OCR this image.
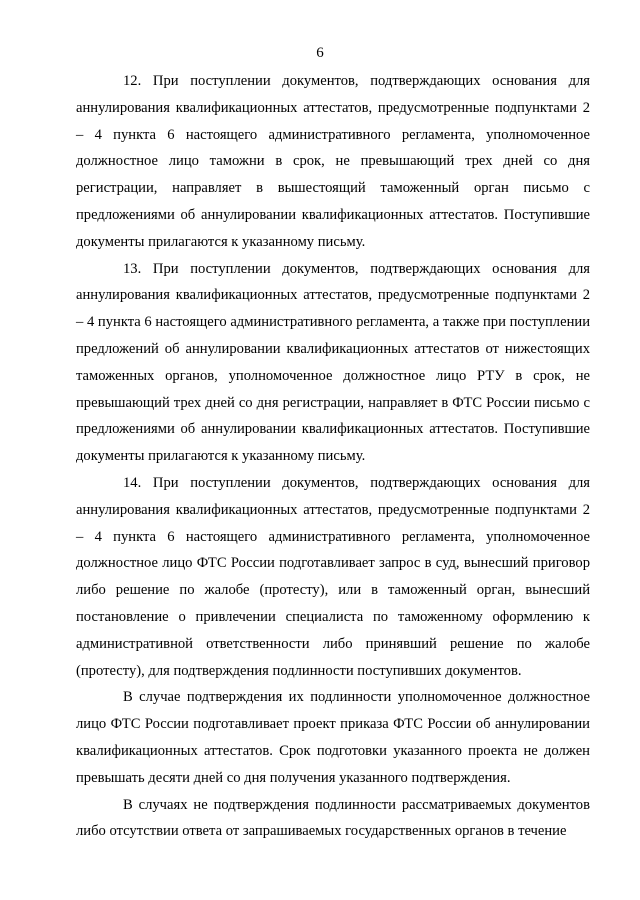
6

12. При поступлении документов, подтверждающих основания для аннулирования квалификационных аттестатов, предусмотренные подпунктами 2 – 4 пункта 6 настоящего административного регламента, уполномоченное должностное лицо таможни в срок, не превышающий трех дней со дня регистрации, направляет в вышестоящий таможенный орган письмо с предложениями об аннулировании квалификационных аттестатов. Поступившие документы прилагаются к указанному письму.

13. При поступлении документов, подтверждающих основания для аннулирования квалификационных аттестатов, предусмотренные подпунктами 2 – 4 пункта 6 настоящего административного регламента, а также при поступлении предложений об аннулировании квалификационных аттестатов от нижестоящих таможенных органов, уполномоченное должностное лицо РТУ в срок, не превышающий трех дней со дня регистрации, направляет в ФТС России письмо с предложениями об аннулировании квалификационных аттестатов. Поступившие документы прилагаются к указанному письму.

14. При поступлении документов, подтверждающих основания для аннулирования квалификационных аттестатов, предусмотренные подпунктами 2 – 4 пункта 6 настоящего административного регламента, уполномоченное должностное лицо ФТС России подготавливает запрос в суд, вынесший приговор либо решение по жалобе (протесту), или в таможенный орган, вынесший постановление о привлечении специалиста по таможенному оформлению к административной ответственности либо принявший решение по жалобе (протесту), для подтверждения подлинности поступивших документов.

В случае подтверждения их подлинности уполномоченное должностное лицо ФТС России подготавливает проект приказа ФТС России об аннулировании квалификационных аттестатов. Срок подготовки указанного проекта не должен превышать десяти дней со дня получения указанного подтверждения.

В случаях не подтверждения подлинности рассматриваемых документов либо отсутствии ответа от запрашиваемых государственных органов в течение
